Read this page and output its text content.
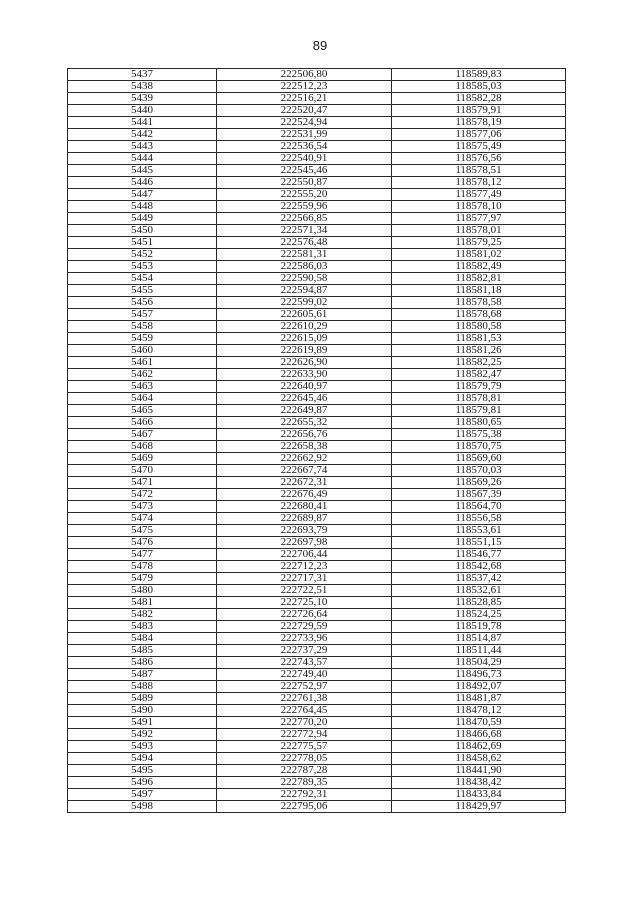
89
5437	222506,80	118589,83
5438	222512,23	118585,03
5439	222516,21	118582,28
5440	222520,47	118579,91
5441	222524,94	118578,19
5442	222531,99	118577,06
5443	222536,54	118575,49
5444	222540,91	118576,56
5445	222545,46	118578,51
5446	222550,87	118578,12
5447	222555,20	118577,49
5448	222559,96	118578,10
5449	222566,85	118577,97
5450	222571,34	118578,01
5451	222576,48	118579,25
5452	222581,31	118581,02
5453	222586,03	118582,49
5454	222590,58	118582,81
5455	222594,87	118581,18
5456	222599,02	118578,58
5457	222605,61	118578,68
5458	222610,29	118580,58
5459	222615,09	118581,53
5460	222619,89	118581,26
5461	222626,90	118582,25
5462	222633,90	118582,47
5463	222640,97	118579,79
5464	222645,46	118578,81
5465	222649,87	118579,81
5466	222655,32	118580,65
5467	222656,76	118575,38
5468	222658,38	118570,75
5469	222662,92	118569,60
5470	222667,74	118570,03
5471	222672,31	118569,26
5472	222676,49	118567,39
5473	222680,41	118564,70
5474	222689,87	118556,58
5475	222693,79	118553,61
5476	222697,98	118551,15
5477	222706,44	118546,77
5478	222712,23	118542,68
5479	222717,31	118537,42
5480	222722,51	118532,61
5481	222725,10	118528,85
5482	222726,64	118524,25
5483	222729,59	118519,78
5484	222733,96	118514,87
5485	222737,29	118511,44
5486	222743,57	118504,29
5487	222749,40	118496,73
5488	222752,97	118492,07
5489	222761,38	118481,87
5490	222764,45	118478,12
5491	222770,20	118470,59
5492	222772,94	118466,68
5493	222775,57	118462,69
5494	222778,05	118458,62
5495	222787,28	118441,90
5496	222789,35	118438,42
5497	222792,31	118433,84
5498	222795,06	118429,97
